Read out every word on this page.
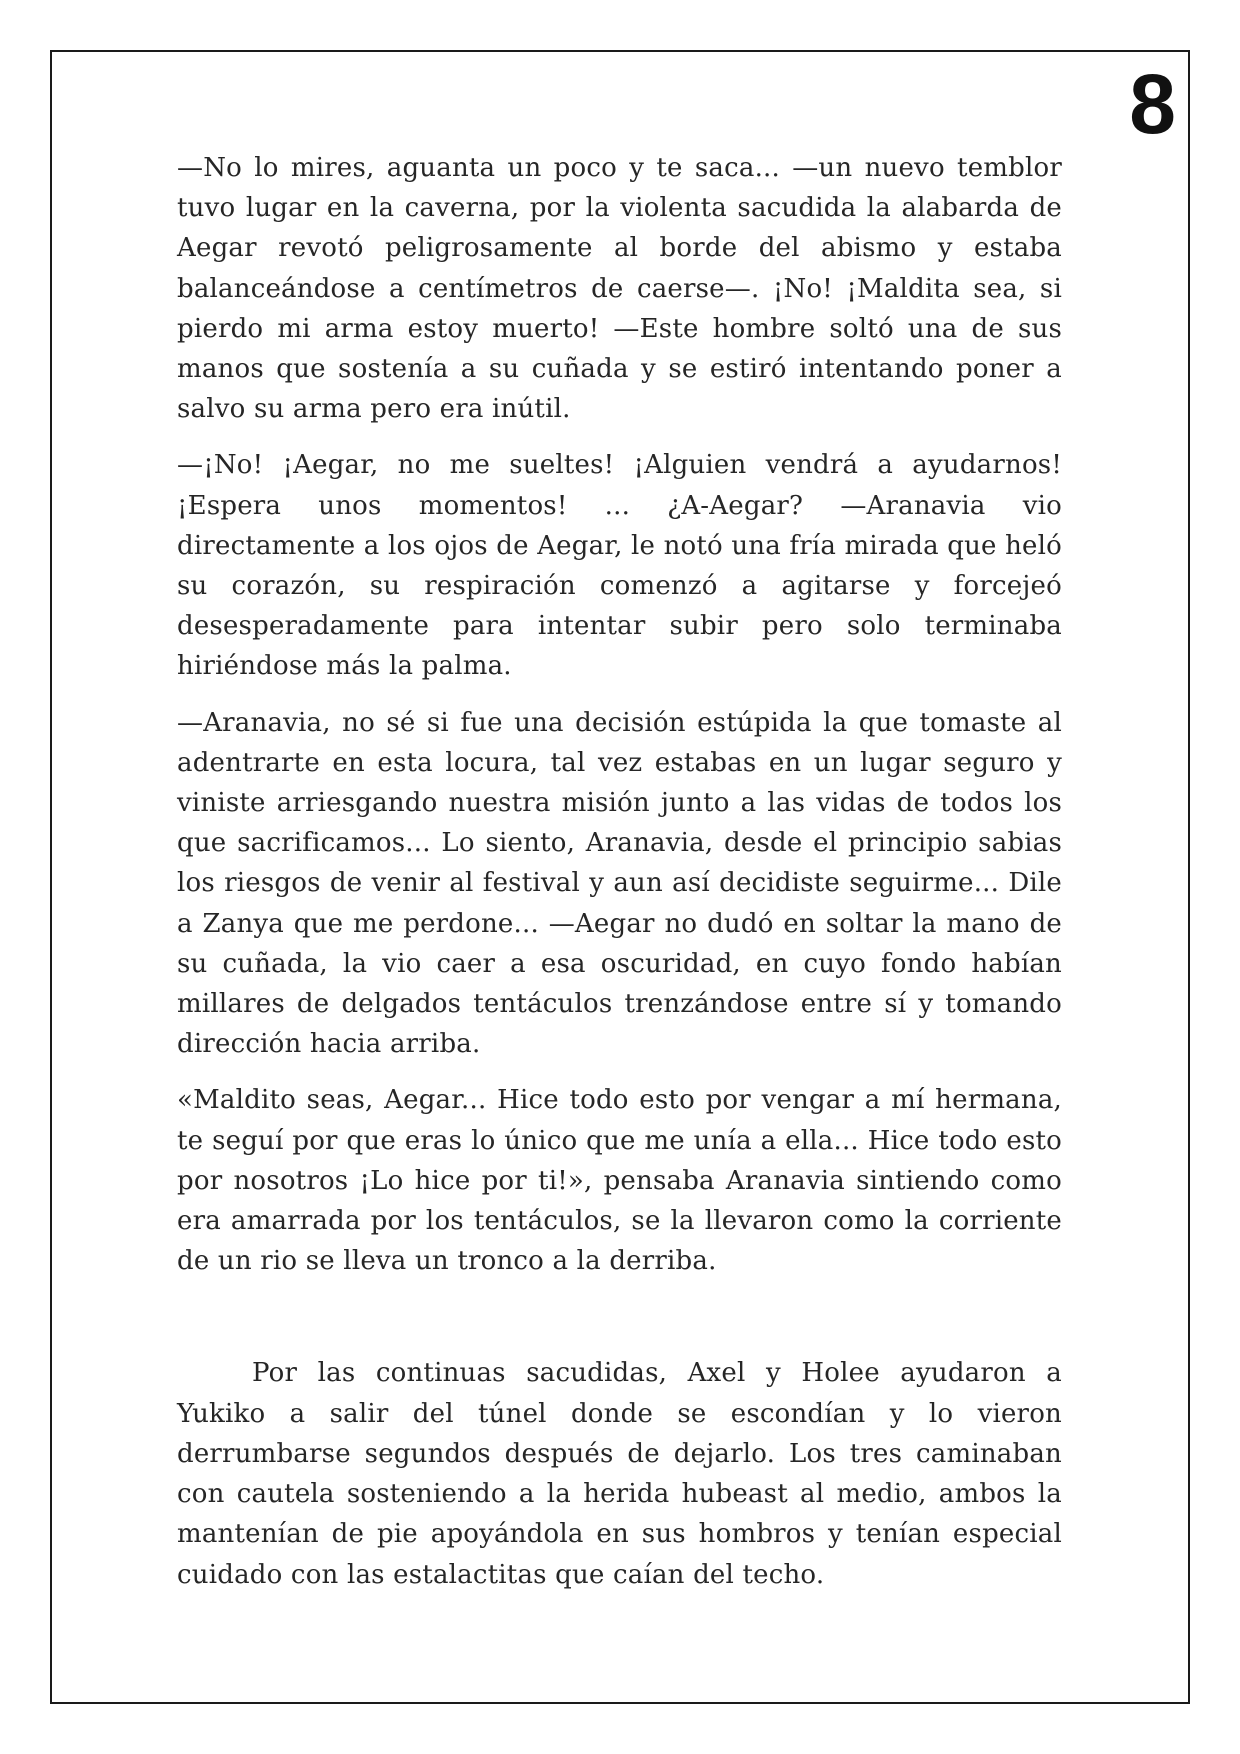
8

—No lo mires, aguanta un poco y te saca... —un nuevo temblor tuvo lugar en la caverna, por la violenta sacudida la alabarda de Aegar revotó peligrosamente al borde del abismo y estaba balanceándose a centímetros de caerse—. ¡No! ¡Maldita sea, si pierdo mi arma estoy muerto! —Este hombre soltó una de sus manos que sostenía a su cuñada y se estiró intentando poner a salvo su arma pero era inútil.

—¡No! ¡Aegar, no me sueltes! ¡Alguien vendrá a ayudarnos! ¡Espera unos momentos! ... ¿A-Aegar? —Aranavia vio directamente a los ojos de Aegar, le notó una fría mirada que heló su corazón, su respiración comenzó a agitarse y forcejeó desesperadamente para intentar subir pero solo terminaba hiriéndose más la palma.

—Aranavia, no sé si fue una decisión estúpida la que tomaste al adentrarte en esta locura, tal vez estabas en un lugar seguro y viniste arriesgando nuestra misión junto a las vidas de todos los que sacrificamos... Lo siento, Aranavia, desde el principio sabias los riesgos de venir al festival y aun así decidiste seguirme... Dile a Zanya que me perdone... —Aegar no dudó en soltar la mano de su cuñada, la vio caer a esa oscuridad, en cuyo fondo habían millares de delgados tentáculos trenzándose entre sí y tomando dirección hacia arriba.

«Maldito seas, Aegar... Hice todo esto por vengar a mí hermana, te seguí por que eras lo único que me unía a ella... Hice todo esto por nosotros ¡Lo hice por ti!», pensaba Aranavia sintiendo como era amarrada por los tentáculos, se la llevaron como la corriente de un rio se lleva un tronco a la derriba.

Por las continuas sacudidas, Axel y Holee ayudaron a Yukiko a salir del túnel donde se escondían y lo vieron derrumbarse segundos después de dejarlo. Los tres caminaban con cautela sosteniendo a la herida hubeast al medio, ambos la mantenían de pie apoyándola en sus hombros y tenían especial cuidado con las estalactitas que caían del techo.
